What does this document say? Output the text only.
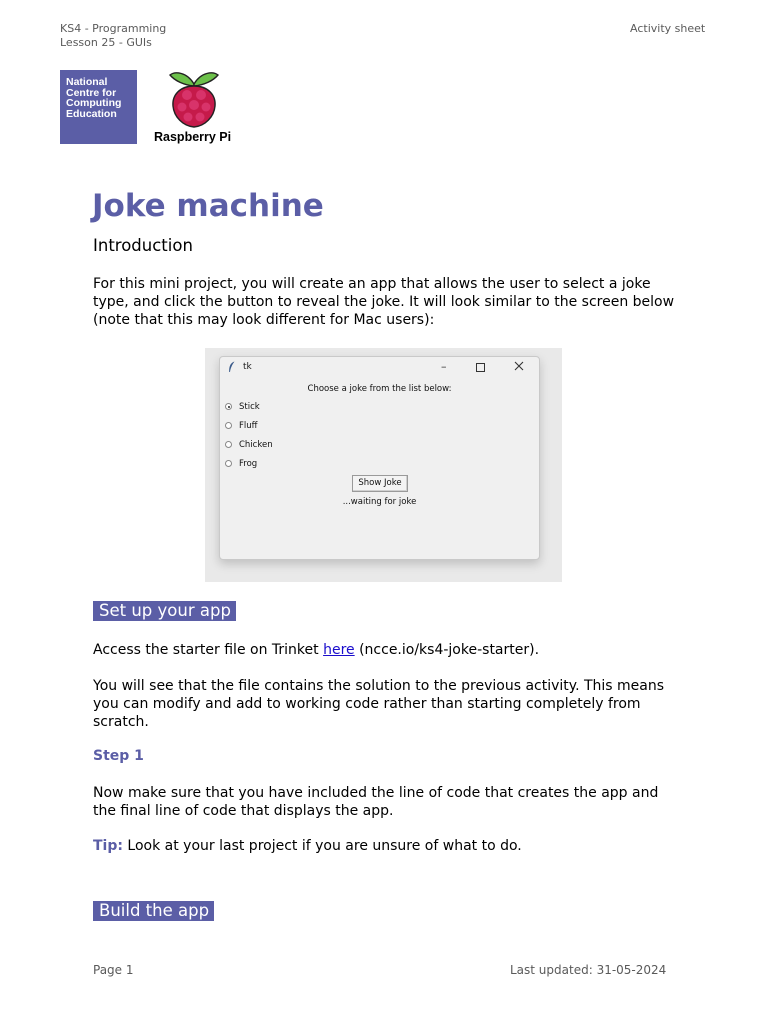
KS4 - Programming
Lesson 25 - GUIs
Activity sheet
National
Centre for
Computing
Education
Raspberry Pi
Joke machine
Introduction

For this mini project, you will create an app that allows the user to select a joke type, and click the button to reveal the joke. It will look similar to the screen below (note that this may look different for Mac users):

tk	–
Choose a joke from the list below:
Stick
Fluff
Chicken
Frog
Show Joke
...waiting for joke
Set up your app

Access the starter file on Trinket here (ncce.io/ks4-joke-starter).

You will see that the file contains the solution to the previous activity. This means you can modify and add to working code rather than starting completely from scratch.

Step 1

Now make sure that you have included the line of code that creates the app and the final line of code that displays the app.

Tip: Look at your last project if you are unsure of what to do.

Build the app
Page 1	Last updated: 31-05-2024
